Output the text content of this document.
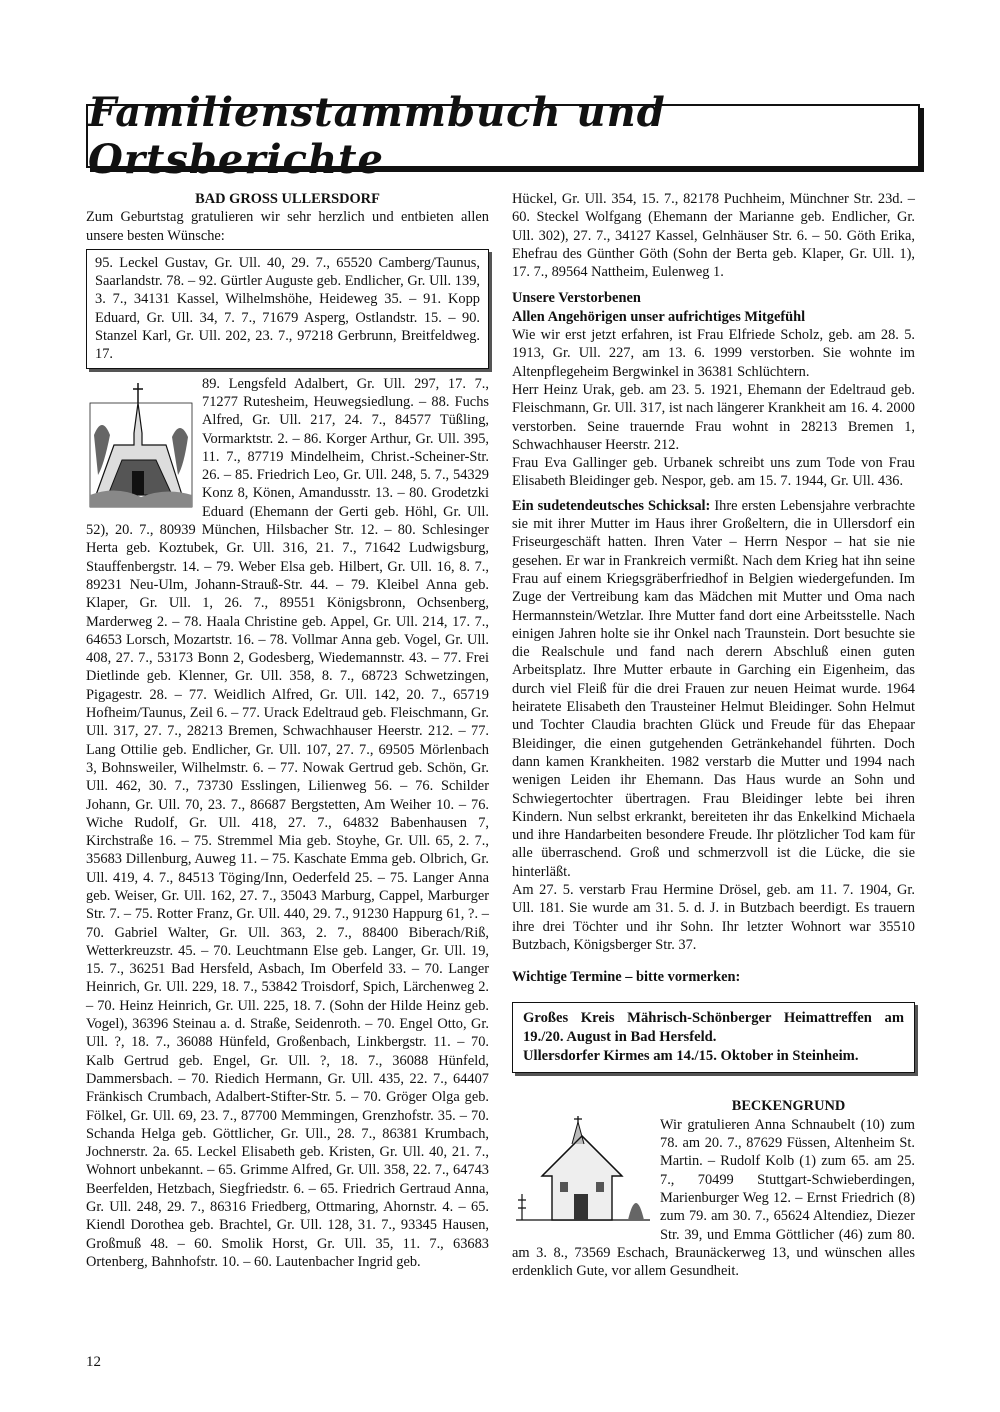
Familienstammbuch und Ortsberichte

BAD GROSS ULLERSDORF

Zum Geburtstag gratulieren wir sehr herzlich und entbieten allen unsere besten Wünsche:

95. Leckel Gustav, Gr. Ull. 40, 29. 7., 65520 Camberg/Taunus, Saarlandstr. 78. – 92. Gürtler Auguste geb. Endlicher, Gr. Ull. 139, 3. 7., 34131 Kassel, Wilhelmshöhe, Heideweg 35. – 91. Kopp Eduard, Gr. Ull. 34, 7. 7., 71679 Asperg, Ostlandstr. 15. – 90. Stanzel Karl, Gr. Ull. 202, 23. 7., 97218 Gerbrunn, Breitfeldweg. 17.

89. Lengsfeld Adalbert, Gr. Ull. 297, 17. 7., 71277 Rutesheim, Heuwegsiedlung. – 88. Fuchs Alfred, Gr. Ull. 217, 24. 7., 84577 Tüßling, Vormarktstr. 2. – 86. Korger Arthur, Gr. Ull. 395, 11. 7., 87719 Mindelheim, Christ.-Scheiner-Str. 26. – 85. Friedrich Leo, Gr. Ull. 248, 5. 7., 54329 Konz 8, Könen, Amandusstr. 13. – 80. Grodetzki Eduard (Ehemann der Gerti geb. Höhl, Gr. Ull. 52), 20. 7., 80939 München, Hilsbacher Str. 12. – 80. Schlesinger Herta geb. Koztubek, Gr. Ull. 316, 21. 7., 71642 Ludwigsburg, Stauffenbergstr. 14. – 79. Weber Elsa geb. Hilbert, Gr. Ull. 16, 8. 7., 89231 Neu-Ulm, Johann-Strauß-Str. 44. – 79. Kleibel Anna geb. Klaper, Gr. Ull. 1, 26. 7., 89551 Königsbronn, Ochsenberg, Marderweg 2. – 78. Haala Christine geb. Appel, Gr. Ull. 214, 17. 7., 64653 Lorsch, Mozartstr. 16. – 78. Vollmar Anna geb. Vogel, Gr. Ull. 408, 27. 7., 53173 Bonn 2, Godesberg, Wiedemannstr. 43. – 77. Frei Dietlinde geb. Klenner, Gr. Ull. 358, 8. 7., 68723 Schwetzingen, Pigagestr. 28. – 77. Weidlich Alfred, Gr. Ull. 142, 20. 7., 65719 Hofheim/Taunus, Zeil 6. – 77. Urack Edeltraud geb. Fleischmann, Gr. Ull. 317, 27. 7., 28213 Bremen, Schwachhauser Heerstr. 212. – 77. Lang Ottilie geb. Endlicher, Gr. Ull. 107, 27. 7., 69505 Mörlenbach 3, Bohnsweiler, Wilhelmstr. 6. – 77. Nowak Gertrud geb. Schön, Gr. Ull. 462, 30. 7., 73730 Esslingen, Lilienweg 56. – 76. Schilder Johann, Gr. Ull. 70, 23. 7., 86687 Bergstetten, Am Weiher 10. – 76. Wiche Rudolf, Gr. Ull. 418, 27. 7., 64832 Babenhausen 7, Kirchstraße 16. – 75. Stremmel Mia geb. Stoyhe, Gr. Ull. 65, 2. 7., 35683 Dillenburg, Auweg 11. – 75. Kaschate Emma geb. Olbrich, Gr. Ull. 419, 4. 7., 84513 Töging/Inn, Oederfeld 25. – 75. Langer Anna geb. Weiser, Gr. Ull. 162, 27. 7., 35043 Marburg, Cappel, Marburger Str. 7. – 75. Rotter Franz, Gr. Ull. 440, 29. 7., 91230 Happurg 61, ?. – 70. Gabriel Walter, Gr. Ull. 363, 2. 7., 88400 Biberach/Riß, Wetterkreuzstr. 45. – 70. Leuchtmann Else geb. Langer, Gr. Ull. 19, 15. 7., 36251 Bad Hersfeld, Asbach, Im Oberfeld 33. – 70. Langer Heinrich, Gr. Ull. 229, 18. 7., 53842 Troisdorf, Spich, Lärchenweg 2. – 70. Heinz Heinrich, Gr. Ull. 225, 18. 7. (Sohn der Hilde Heinz geb. Vogel), 36396 Steinau a. d. Straße, Seidenroth. – 70. Engel Otto, Gr. Ull. ?, 18. 7., 36088 Hünfeld, Großenbach, Linkbergstr. 11. – 70. Kalb Gertrud geb. Engel, Gr. Ull. ?, 18. 7., 36088 Hünfeld, Dammersbach. – 70. Riedich Hermann, Gr. Ull. 435, 22. 7., 64407 Fränkisch Crumbach, Adalbert-Stifter-Str. 5. – 70. Gröger Olga geb. Fölkel, Gr. Ull. 69, 23. 7., 87700 Memmingen, Grenzhofstr. 35. – 70. Schanda Helga geb. Göttlicher, Gr. Ull., 28. 7., 86381 Krumbach, Jochnerstr. 2a. 65. Leckel Elisabeth geb. Kristen, Gr. Ull. 40, 21. 7., Wohnort unbekannt. – 65. Grimme Alfred, Gr. Ull. 358, 22. 7., 64743 Beerfelden, Hetzbach, Siegfriedstr. 6. – 65. Friedrich Gertraud Anna, Gr. Ull. 248, 29. 7., 86316 Friedberg, Ottmaring, Ahornstr. 4. – 65. Kiendl Dorothea geb. Brachtel, Gr. Ull. 128, 31. 7., 93345 Hausen, Großmuß 48. – 60. Smolik Horst, Gr. Ull. 35, 11. 7., 63683 Ortenberg, Bahnhofstr. 10. – 60. Lautenbacher Ingrid geb.

Hückel, Gr. Ull. 354, 15. 7., 82178 Puchheim, Münchner Str. 23d. – 60. Steckel Wolfgang (Ehemann der Marianne geb. Endlicher, Gr. Ull. 302), 27. 7., 34127 Kassel, Gelnhäuser Str. 6. – 50. Göth Erika, Ehefrau des Günther Göth (Sohn der Berta geb. Klaper, Gr. Ull. 1), 17. 7., 89564 Nattheim, Eulenweg 1.

Unsere Verstorbenen

Allen Angehörigen unser aufrichtiges Mitgefühl

Wie wir erst jetzt erfahren, ist Frau Elfriede Scholz, geb. am 28. 5. 1913, Gr. Ull. 227, am 13. 6. 1999 verstorben. Sie wohnte im Altenpflegeheim Bergwinkel in 36381 Schlüchtern.

Herr Heinz Urak, geb. am 23. 5. 1921, Ehemann der Edeltraud geb. Fleischmann, Gr. Ull. 317, ist nach längerer Krankheit am 16. 4. 2000 verstorben. Seine trauernde Frau wohnt in 28213 Bremen 1, Schwachhauser Heerstr. 212.

Frau Eva Gallinger geb. Urbanek schreibt uns zum Tode von Frau Elisabeth Bleidinger geb. Nespor, geb. am 15. 7. 1944, Gr. Ull. 436.

Ein sudetendeutsches Schicksal: Ihre ersten Lebensjahre verbrachte sie mit ihrer Mutter im Haus ihrer Großeltern, die in Ullersdorf ein Friseurgeschäft hatten. Ihren Vater – Herrn Nespor – hat sie nie gesehen. Er war in Frankreich vermißt. Nach dem Krieg hat ihn seine Frau auf einem Kriegsgräberfriedhof in Belgien wiedergefunden. Im Zuge der Vertreibung kam das Mädchen mit Mutter und Oma nach Hermannstein/Wetzlar. Ihre Mutter fand dort eine Arbeitsstelle. Nach einigen Jahren holte sie ihr Onkel nach Traunstein. Dort besuchte sie die Realschule und fand nach derern Abschluß einen guten Arbeitsplatz. Ihre Mutter erbaute in Garching ein Eigenheim, das durch viel Fleiß für die drei Frauen zur neuen Heimat wurde. 1964 heiratete Elisabeth den Trausteiner Helmut Bleidinger. Sohn Helmut und Tochter Claudia brachten Glück und Freude für das Ehepaar Bleidinger, die einen gutgehenden Getränkehandel führten. Doch dann kamen Krankheiten. 1982 verstarb die Mutter und 1994 nach wenigen Leiden ihr Ehemann. Das Haus wurde an Sohn und Schwiegertochter übertragen. Frau Bleidinger lebte bei ihren Kindern. Nun selbst erkrankt, bereiteten ihr das Enkelkind Michaela und ihre Handarbeiten besondere Freude. Ihr plötzlicher Tod kam für alle überraschend. Groß und schmerzvoll ist die Lücke, die sie hinterläßt.

Am 27. 5. verstarb Frau Hermine Drösel, geb. am 11. 7. 1904, Gr. Ull. 181. Sie wurde am 31. 5. d. J. in Butzbach beerdigt. Es trauern ihre drei Töchter und ihr Sohn. Ihr letzter Wohnort war 35510 Butzbach, Königsberger Str. 37.

Wichtige Termine – bitte vormerken:

Großes Kreis Mährisch-Schönberger Heimattreffen am 19./20. August in Bad Hersfeld.

Ullersdorfer Kirmes am 14./15. Oktober in Steinheim.

BECKENGRUND

Wir gratulieren Anna Schnaubelt (10) zum 78. am 20. 7., 87629 Füssen, Altenheim St. Martin. – Rudolf Kolb (1) zum 65. am 25. 7., 70499 Stuttgart-Schwieberdingen, Marienburger Weg 12. – Ernst Friedrich (8) zum 79. am 30. 7., 65624 Altendiez, Diezer Str. 39, und Emma Göttlicher (46) zum 80. am 3. 8., 73569 Eschach, Braunäckerweg 13, und wünschen alles erdenklich Gute, vor allem Gesundheit.

12
